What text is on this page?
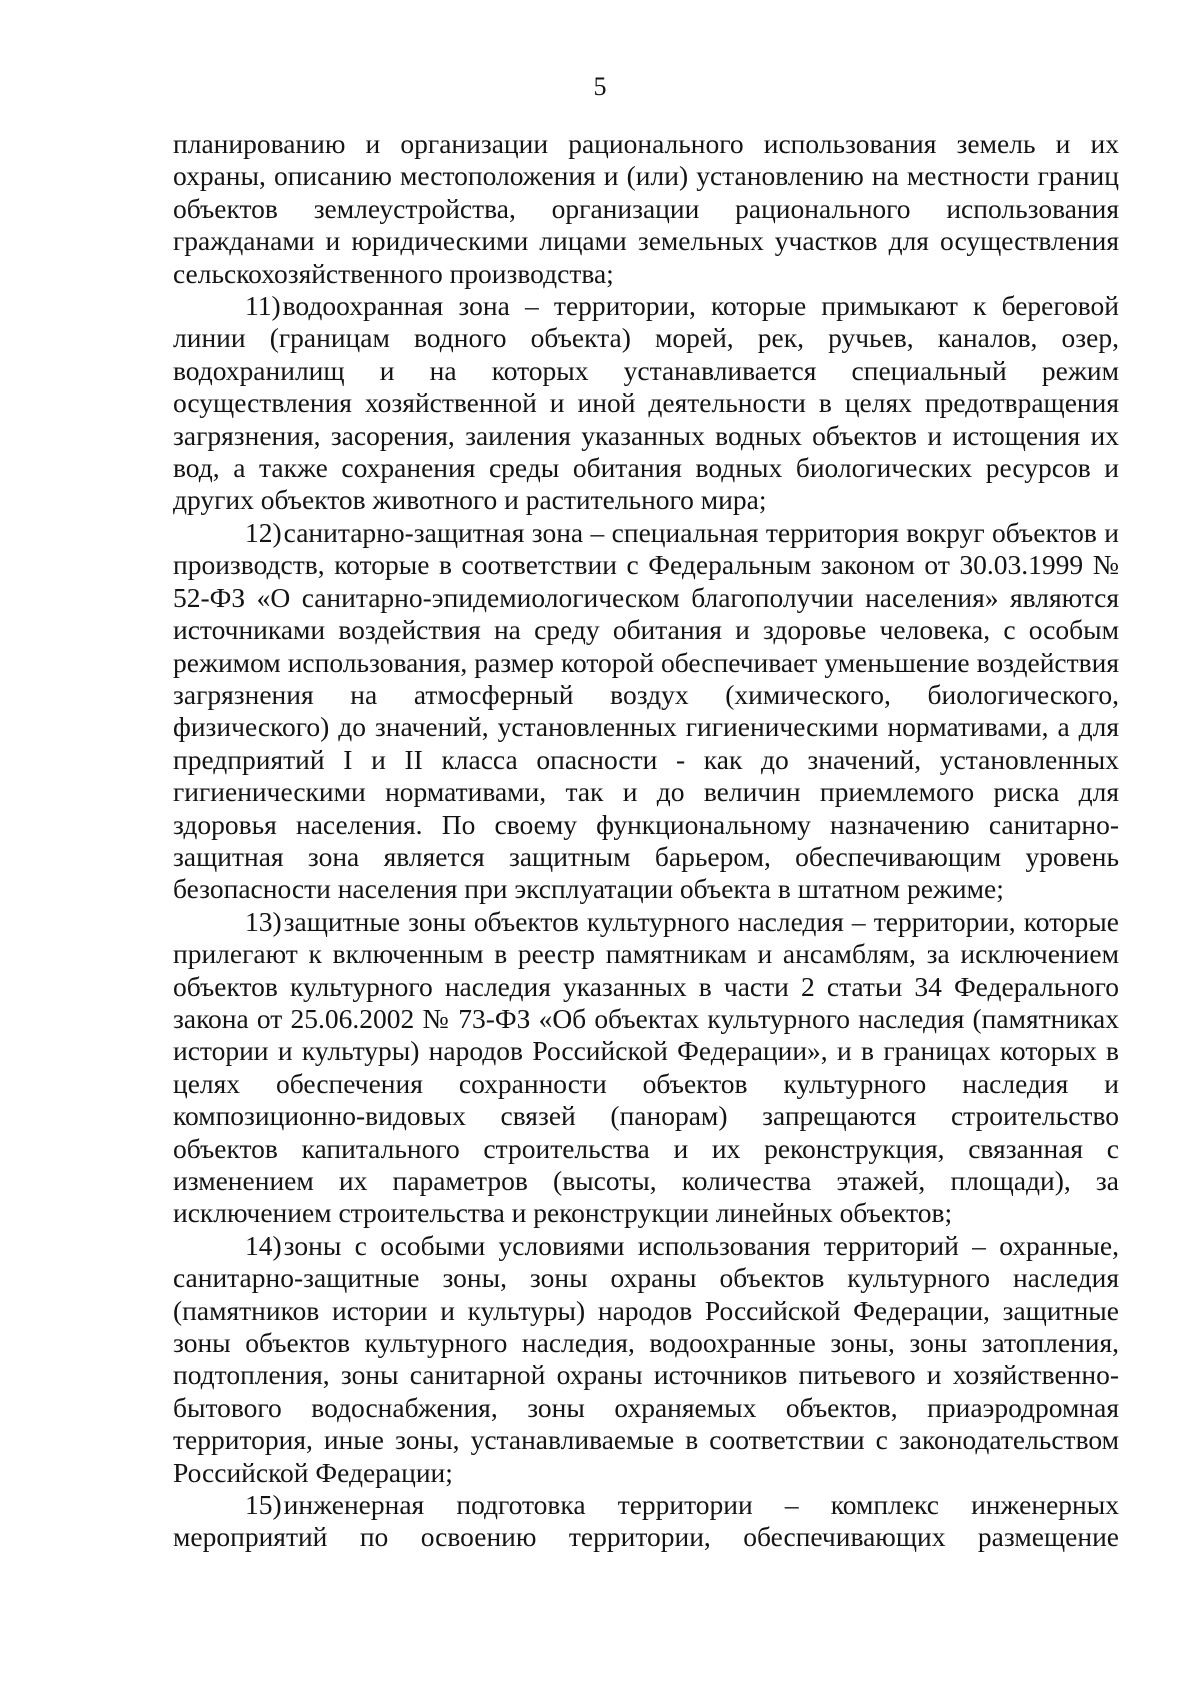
5

планированию и организации рационального использования земель и их охраны, описанию местоположения и (или) установлению на местности границ объектов землеустройства, организации рационального использования гражданами и юридическими лицами земельных участков для осуществления сельскохозяйственного производства;

11)водоохранная зона – территории, которые примыкают к береговой линии (границам водного объекта) морей, рек, ручьев, каналов, озер, водохранилищ и на которых устанавливается специальный режим осуществления хозяйственной и иной деятельности в целях предотвращения загрязнения, засорения, заиления указанных водных объектов и истощения их вод, а также сохранения среды обитания водных биологических ресурсов и других объектов животного и растительного мира;

12)санитарно-защитная зона – специальная территория вокруг объектов и производств, которые в соответствии с Федеральным законом от 30.03.1999 № 52-ФЗ «О санитарно-эпидемиологическом благополучии населения» являются источниками воздействия на среду обитания и здоровье человека, с особым режимом использования, размер которой обеспечивает уменьшение воздействия загрязнения на атмосферный воздух (химического, биологического, физического) до значений, установленных гигиеническими нормативами, а для предприятий I и II класса опасности - как до значений, установленных гигиеническими нормативами, так и до величин приемлемого риска для здоровья населения. По своему функциональному назначению санитарно-защитная зона является защитным барьером, обеспечивающим уровень безопасности населения при эксплуатации объекта в штатном режиме;

13)защитные зоны объектов культурного наследия – территории, которые прилегают к включенным в реестр памятникам и ансамблям, за исключением объектов культурного наследия указанных в части 2 статьи 34 Федерального закона от 25.06.2002 № 73-ФЗ «Об объектах культурного наследия (памятниках истории и культуры) народов Российской Федерации», и в границах которых в целях обеспечения сохранности объектов культурного наследия и композиционно-видовых связей (панорам) запрещаются строительство объектов капитального строительства и их реконструкция, связанная с изменением их параметров (высоты, количества этажей, площади), за исключением строительства и реконструкции линейных объектов;

14)зоны с особыми условиями использования территорий – охранные, санитарно-защитные зоны, зоны охраны объектов культурного наследия (памятников истории и культуры) народов Российской Федерации, защитные зоны объектов культурного наследия, водоохранные зоны, зоны затопления, подтопления, зоны санитарной охраны источников питьевого и хозяйственно-бытового водоснабжения, зоны охраняемых объектов, приаэродромная территория, иные зоны, устанавливаемые в соответствии с законодательством Российской Федерации;

15)инженерная подготовка территории – комплекс инженерных мероприятий по освоению территории, обеспечивающих размещение
